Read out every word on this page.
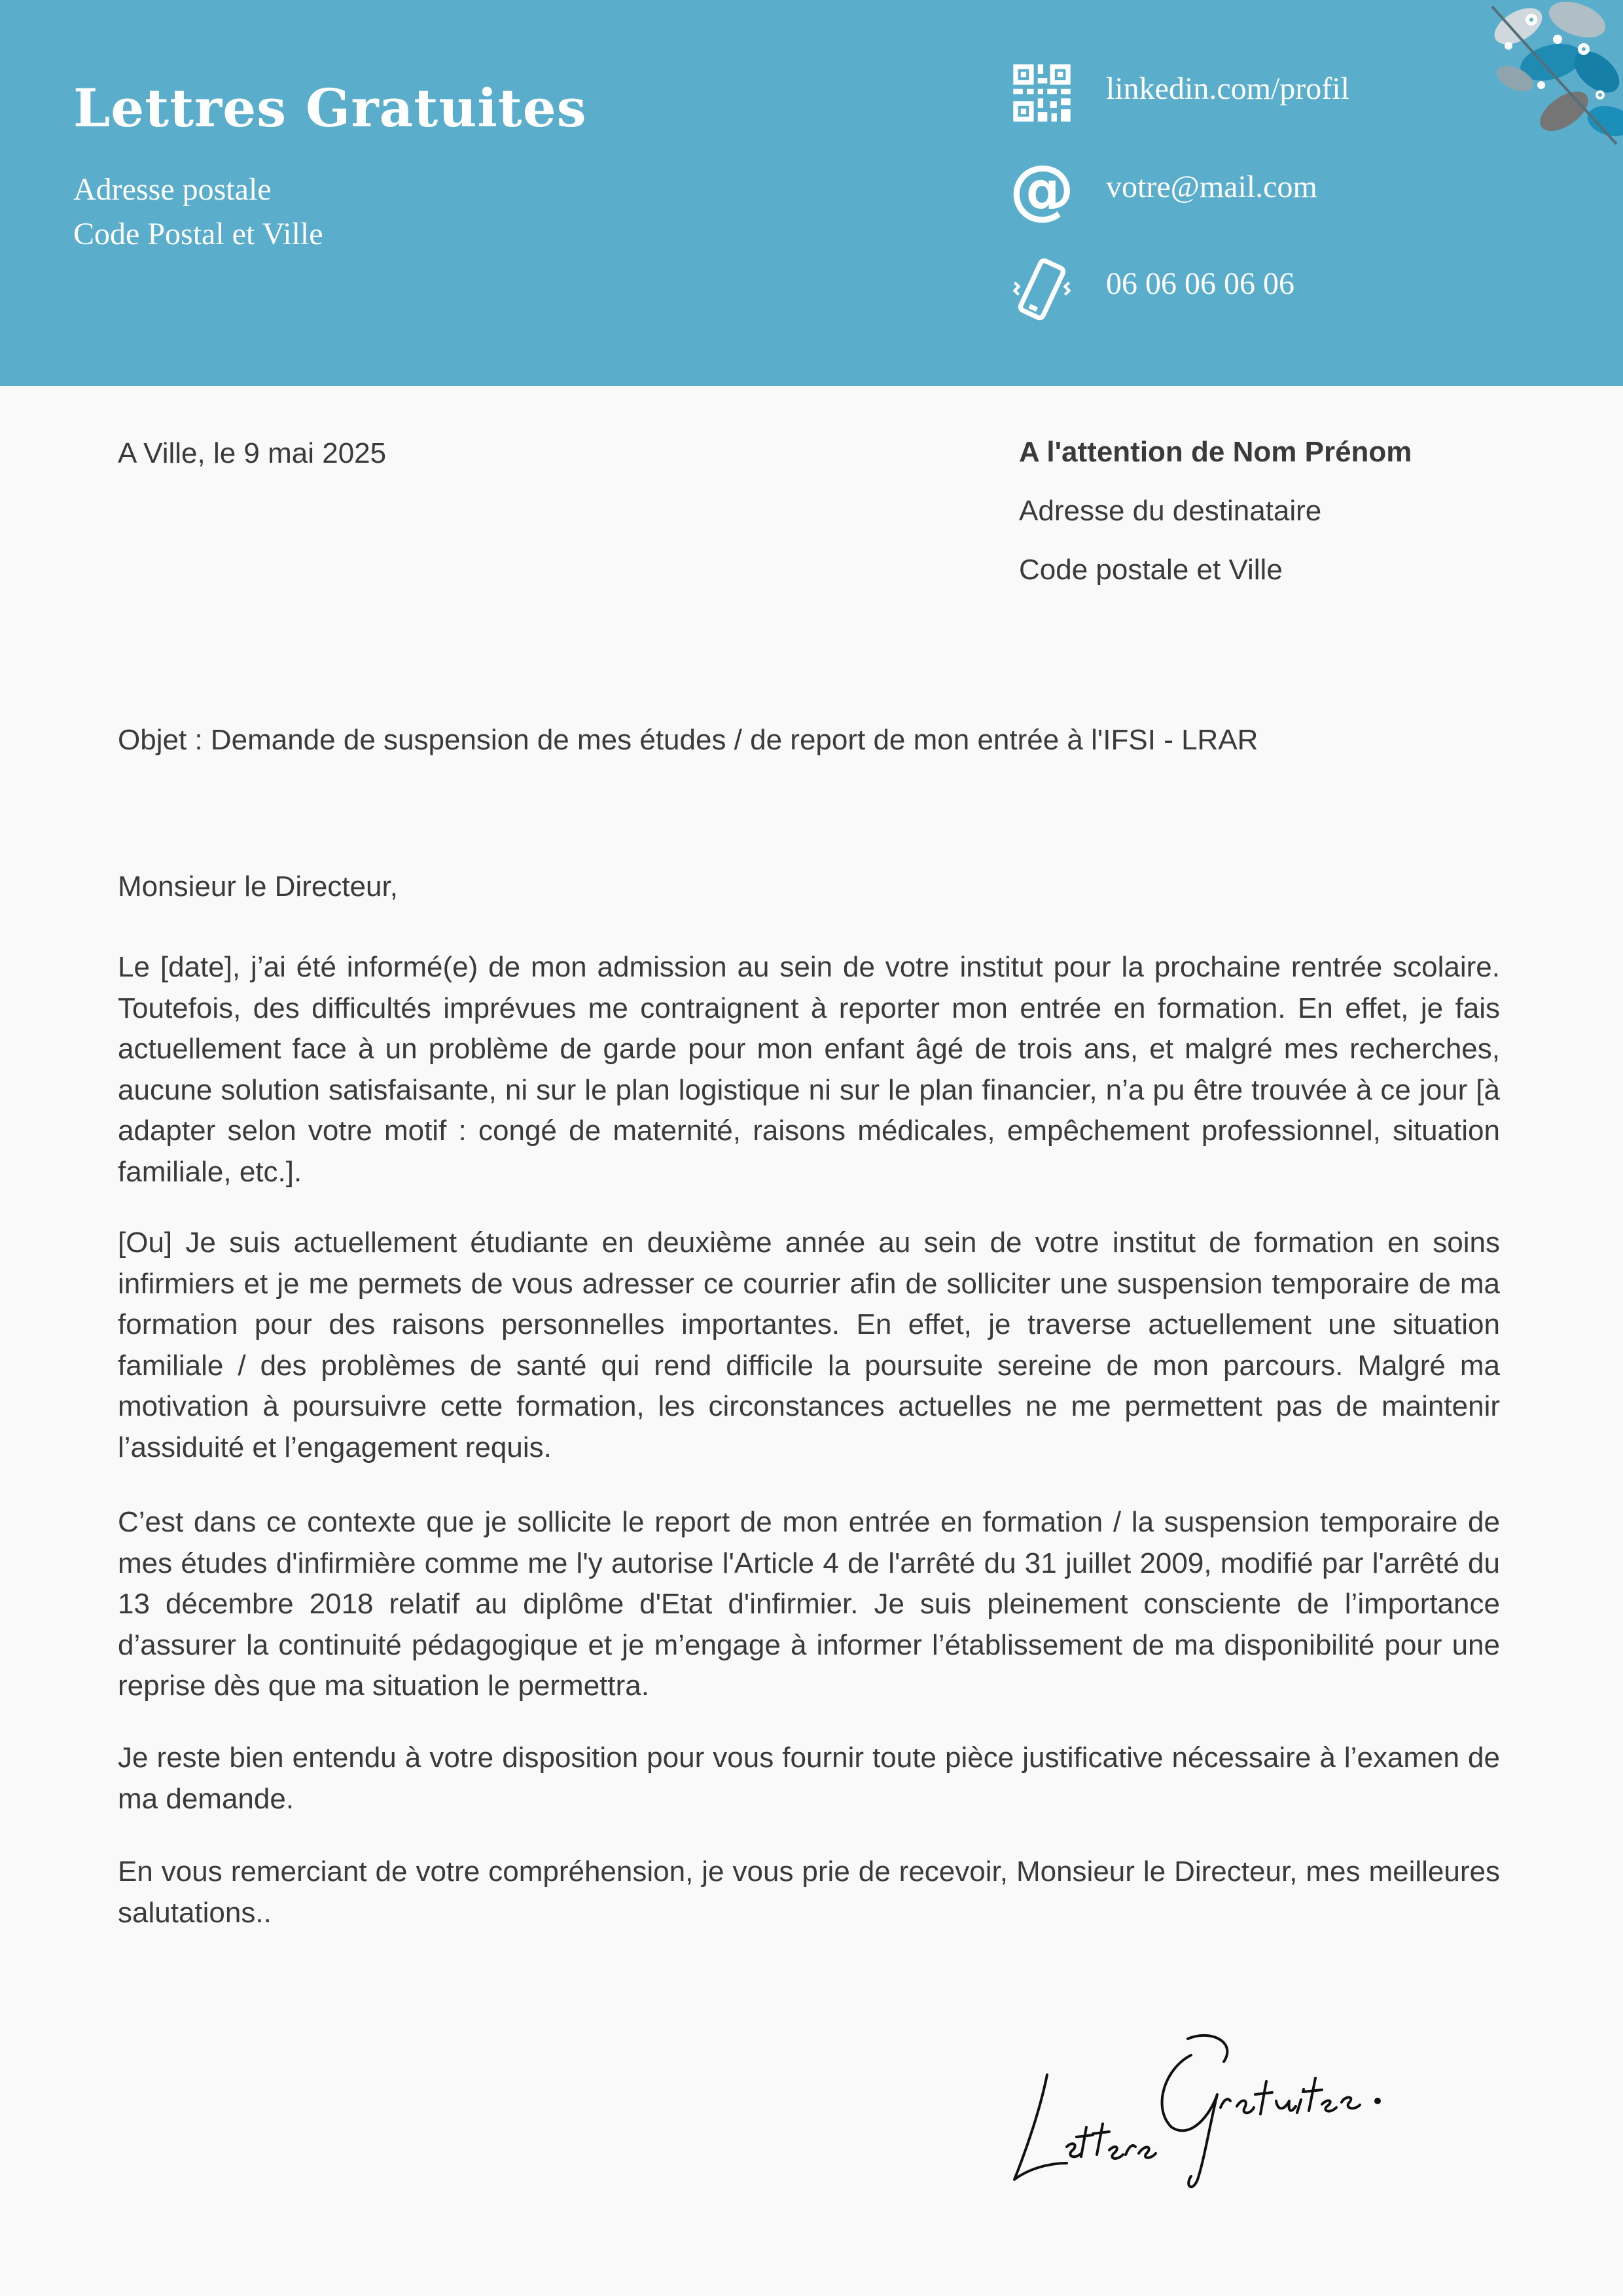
Lettres Gratuites
Adresse postale
Code Postal et Ville
linkedin.com/profil
@ votre@mail.com
06 06 06 06 06
A Ville, le 9 mai 2025	A l'attention de Nom Prénom
Adresse du destinataire
Code postale et Ville
Objet : Demande de suspension de mes études / de report de mon entrée à l'IFSI - LRAR
Monsieur le Directeur,
Le [date], j’ai été informé(e) de mon admission au sein de votre institut pour la prochaine rentrée scolaire. Toutefois, des difficultés imprévues me contraignent à reporter mon entrée en formation. En effet, je fais actuellement face à un problème de garde pour mon enfant âgé de trois ans, et malgré mes recherches, aucune solution satisfaisante, ni sur le plan logistique ni sur le plan financier, n’a pu être trouvée à ce jour [à adapter selon votre motif : congé de maternité, raisons médicales, empêchement professionnel, situation familiale, etc.].
[Ou] Je suis actuellement étudiante en deuxième année au sein de votre institut de formation en soins infirmiers et je me permets de vous adresser ce courrier afin de solliciter une suspension temporaire de ma formation pour des raisons personnelles importantes. En effet, je traverse actuellement une situation familiale / des problèmes de santé qui rend difficile la poursuite sereine de mon parcours. Malgré ma motivation à poursuivre cette formation, les circonstances actuelles ne me permettent pas de maintenir l’assiduité et l’engagement requis.
C’est dans ce contexte que je sollicite le report de mon entrée en formation / la suspension temporaire de mes études d'infirmière comme me l'y autorise l'Article 4 de l'arrêté du 31 juillet 2009, modifié par l'arrêté du 13 décembre 2018 relatif au diplôme d'Etat d'infirmier. Je suis pleinement consciente de l’importance d’assurer la continuité pédagogique et je m’engage à informer l’établissement de ma disponibilité pour une reprise dès que ma situation le permettra.
Je reste bien entendu à votre disposition pour vous fournir toute pièce justificative nécessaire à l’examen de ma demande.
En vous remerciant de votre compréhension, je vous prie de recevoir, Monsieur le Directeur, mes meilleures salutations..
